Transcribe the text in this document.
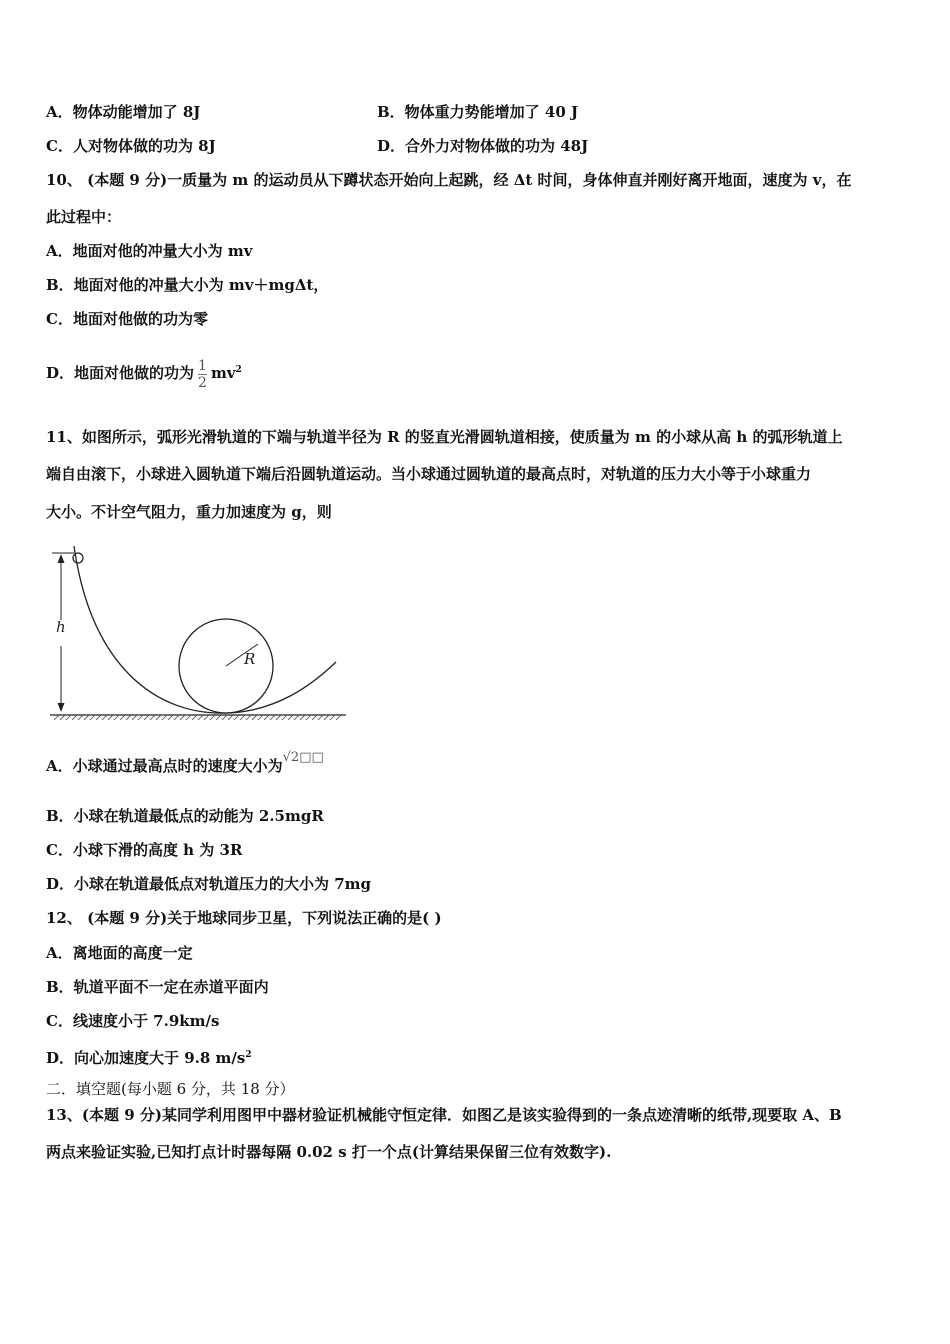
A．物体动能增加了 8J	B．物体重力势能增加了 40 J
C．人对物体做的功为 8J	D．合外力对物体做的功为 48J
10、 (本题 9 分)一质量为 m 的运动员从下蹲状态开始向上起跳，经 Δt 时间，身体伸直并刚好离开地面，速度为 v，在
此过程中：
A．地面对他的冲量大小为 mv
B．地面对他的冲量大小为 mv＋mgΔt，
C．地面对他做的功为零
D．地面对他做的功为 $\frac{1}{2} mv^2$
11、如图所示，弧形光滑轨道的下端与轨道半径为 R 的竖直光滑圆轨道相接，使质量为 m 的小球从高 h 的弧形轨道上
端自由滚下，小球进入圆轨道下端后沿圆轨道运动。当小球通过圆轨道的最高点时，对轨道的压力大小等于小球重力
大小。不计空气阻力，重力加速度为 g，则
h
R
A．小球通过最高点时的速度大小为√2□□
B．小球在轨道最低点的动能为 2.5mgR
C．小球下滑的高度 h 为 3R
D．小球在轨道最低点对轨道压力的大小为 7mg
12、 (本题 9 分)关于地球同步卫星，下列说法正确的是( )
A．离地面的高度一定
B．轨道平面不一定在赤道平面内
C．线速度小于 7.9km/s
D．向心加速度大于 9.8 $m/s^2$
二．填空题(每小题 6 分，共 18 分）
13、(本题 9 分)某同学利用图甲中器材验证机械能守恒定律．如图乙是该实验得到的一条点迹清晰的纸带,现要取 A、B
两点来验证实验,已知打点计时器每隔 0.02 s 打一个点(计算结果保留三位有效数字).
